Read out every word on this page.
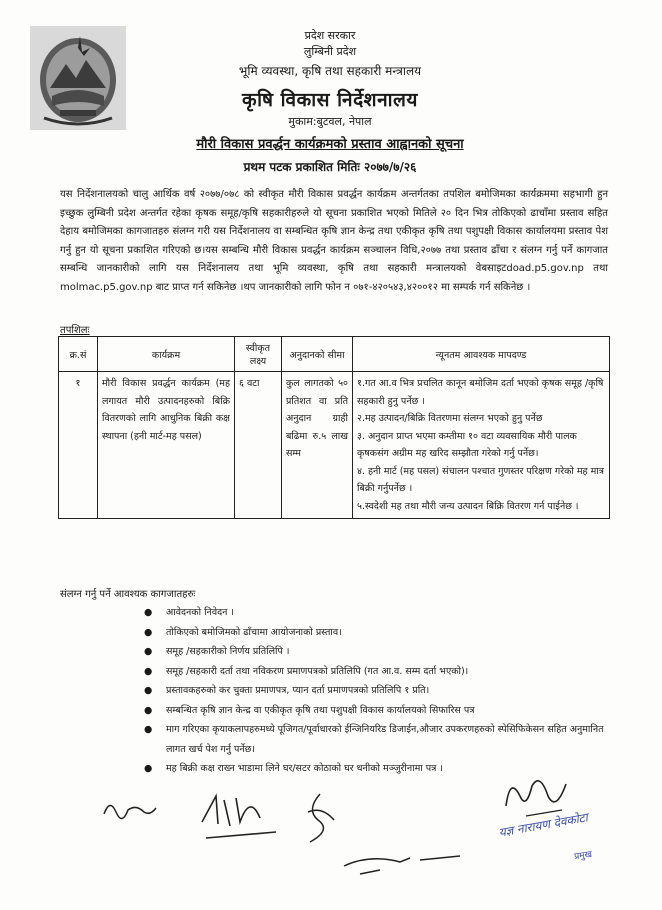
प्रदेश सरकार
लुम्बिनी प्रदेश
भूमि व्यवस्था, कृषि तथा सहकारी मन्त्रालय
कृषि विकास निर्देशनालय
मुकाम:बुटवल, नेपाल
मौरी विकास प्रवर्द्धन कार्यक्रमको प्रस्ताव आह्वानको सूचना
प्रथम पटक प्रकाशित मितिः २०७७/७/२६
यस निर्देशनालयको चालु आर्थिक वर्ष २०७७/०७८ को स्वीकृत मौरी विकास प्रवर्द्धन कार्यक्रम अन्तर्गतका तपशिल बमोजिमका कार्यक्रममा सहभागी हुन इच्छुक लुम्बिनी प्रदेश अन्तर्गत रहेका कृषक समूह/कृषि सहकारीहरुले यो सूचना प्रकाशित भएको मितिले २० दिन भित्र तोकिएको ढाचाँमा प्रस्ताव सहित देहाय बमोजिमका कागजातहरु संलग्न गरी यस निर्देशनालय वा सम्बन्धित कृषि ज्ञान केन्द्र तथा एकीकृत कृषि तथा पशुपक्षी विकास कार्यालयमा प्रस्ताव पेश गर्नु हुन यो सूचना प्रकाशित गरिएको छ।यस सम्बन्धि मौरी विकास प्रवर्द्धन कार्यक्रम सञ्चालन विधि,२०७७ तथा प्रस्ताव ढाँचा र संलग्न गर्नु पर्ने कागजात सम्बन्धि जानकारीको लागि यस निर्देशनालय तथा भूमि व्यवस्था, कृषि तथा सहकारी मन्त्रालयको वेबसाइटdoad.p5.gov.np तथा molmac.p5.gov.np बाट प्राप्त गर्न सकिनेछ ।थप जानकारीको लागि फोन न ०७१-४२०५४३,४२००१२ मा सम्पर्क गर्न सकिनेछ ।
तपशिलः
क्र.सं	कार्यक्रम	स्वीकृत लक्ष्य	अनुदानको सीमा	न्यूनतम आवश्यक मापदण्ड
१	मौरी विकास प्रवर्द्धन कार्यक्रम (मह लगायत मौरी उत्पादनहरुको बिक्रि वितरणको लागि आधुनिक बिक्री कक्ष स्थापना (हनी मार्ट-मह पसल)	६ वटा	कुल लागतको ५० प्रतिशत वा प्रति अनुदान ग्राही बढिमा रु.५ लाख सम्म	१.गत आ.व भित्र प्रचलित कानून बमोजिम दर्ता भएको कृषक समूह /कृषि सहकारी हुनु पर्नेछ ।
२.मह उत्पादन/बिक्रि वितरणमा संलग्न भएको हुनु पर्नेछ
३. अनुदान प्राप्त भएमा कम्तीमा १० वटा व्यवसायिक मौरी पालक कृषकसंग अग्रीम मह खरिद सम्झौता गरेको गर्नु पर्नेछ।
४. हनी मार्ट (मह पसल) संचालन पश्चात गुणस्तर परिक्षण गरेको मह मात्र बिक्री गर्नुपर्नेछ ।
५.स्वदेशी मह तथा मौरी जन्य उत्पादन बिक्रि वितरण गर्न पाईनेछ ।
संलग्न गर्नु पर्ने आवश्यक कागजातहरुः
● आवेदनको निवेदन ।
● तोकिएको बमोजिमको ढाँचामा आयोजनाको प्रस्ताव।
● समूह /सहकारीको निर्णय प्रतिलिपि ।
● समूह /सहकारी दर्ता तथा नविकरण प्रमाणपत्रको प्रतिलिपि (गत आ.व. सम्म दर्ता भएको)।
● प्रस्तावकहरुको कर चुक्ता प्रमाणपत्र, प्यान दर्ता प्रमाणपत्रको प्रतिलिपि १ प्रति।
● सम्बन्धित कृषि ज्ञान केन्द्र वा एकीकृत कृषि तथा पशुपक्षी विकास कार्यालयको सिफारिस पत्र
● माग गरिएका कृयाकलापहरुमध्ये पूजिगत/पूर्वाधारको ईन्जिनियरिड डिजाईन,औजार उपकरणहरुको स्पेसिफिकेसन सहित अनुमानित लागत खर्च पेश गर्नु पर्नेछ।
● मह बिक्री कक्ष राख्न भाडामा लिने घर/सटर कोठाको घर धनीको मञ्जुरीनामा पत्र ।
यज्ञ नारायण देवकोटा
प्रमुख
